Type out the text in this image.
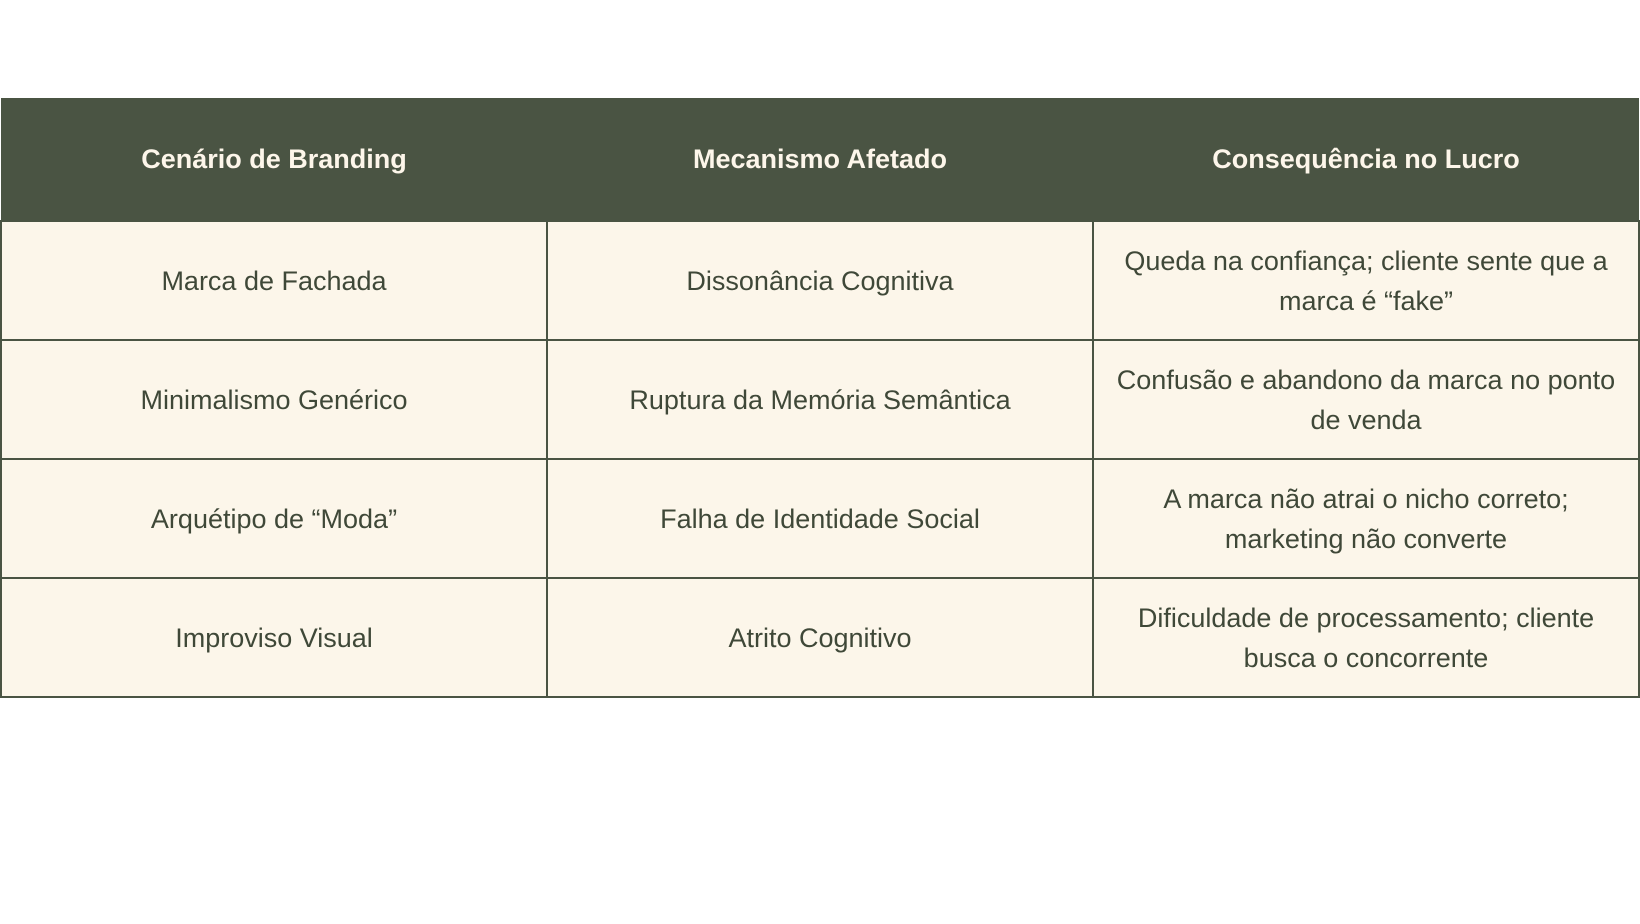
Cenário de Branding	Mecanismo Afetado	Consequência no Lucro
Marca de Fachada	Dissonância Cognitiva	Queda na confiança; cliente sente que a marca é “fake”
Minimalismo Genérico	Ruptura da Memória Semântica	Confusão e abandono da marca no ponto de venda
Arquétipo de “Moda”	Falha de Identidade Social	A marca não atrai o nicho correto; marketing não converte
Improviso Visual	Atrito Cognitivo	Dificuldade de processamento; cliente busca o concorrente
